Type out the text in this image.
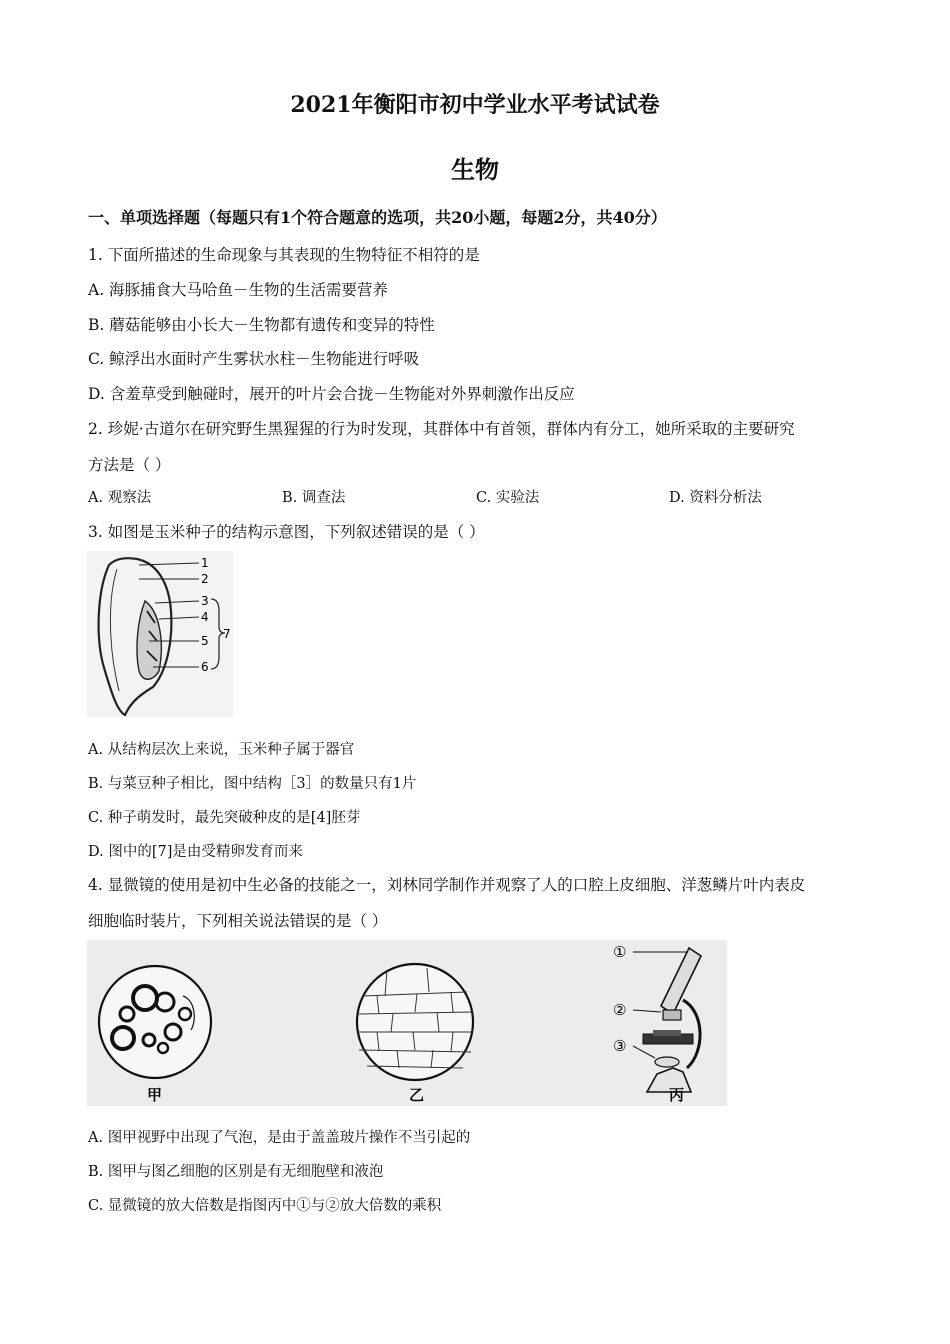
2021年衡阳市初中学业水平考试试卷
生物
一、单项选择题（每题只有1个符合题意的选项，共20小题，每题2分，共40分）
1. 下面所描述的生命现象与其表现的生物特征不相符的是
A. 海豚捕食大马哈鱼－生物的生活需要营养
B. 蘑菇能够由小长大－生物都有遗传和变异的特性
C. 鲸浮出水面时产生雾状水柱－生物能进行呼吸
D. 含羞草受到触碰时，展开的叶片会合拢－生物能对外界刺激作出反应
2. 珍妮·古道尔在研究野生黑猩猩的行为时发现，其群体中有首领，群体内有分工，她所采取的主要研究
方法是（ ）
A. 观察法	B. 调查法	C. 实验法	D. 资料分析法
3. 如图是玉米种子的结构示意图，下列叙述错误的是（ ）
1
2
3
4
5
6
7
A. 从结构层次上来说，玉米种子属于器官
B. 与菜豆种子相比，图中结构［3］的数量只有1片
C. 种子萌发时，最先突破种皮的是[4]胚芽
D. 图中的[7]是由受精卵发育而来
4. 显微镜的使用是初中生必备的技能之一，刘林同学制作并观察了人的口腔上皮细胞、洋葱鳞片叶内表皮
细胞临时装片，下列相关说法错误的是（ ）
甲	乙
①
②
③
丙
A. 图甲视野中出现了气泡，是由于盖盖玻片操作不当引起的
B. 图甲与图乙细胞的区别是有无细胞壁和液泡
C. 显微镜的放大倍数是指图丙中①与②放大倍数的乘积
